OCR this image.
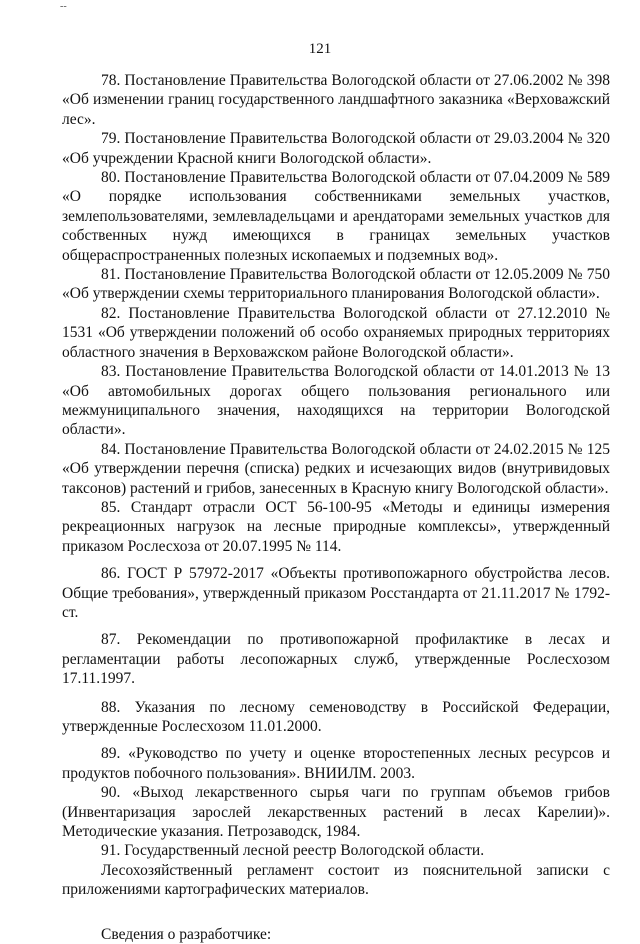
--
121

78. Постановление Правительства Вологодской области от 27.06.2002 № 398 «Об изменении границ государственного ландшафтного заказника «Верховажский лес».

79. Постановление Правительства Вологодской области от 29.03.2004 № 320 «Об учреждении Красной книги Вологодской области».

80. Постановление Правительства Вологодской области от 07.04.2009 № 589 «О порядке использования собственниками земельных участков, землепользователями, землевладельцами и арендаторами земельных участков для собственных нужд имеющихся в границах земельных участков общераспространенных полезных ископаемых и подземных вод».

81. Постановление Правительства Вологодской области от 12.05.2009 № 750 «Об утверждении схемы территориального планирования Вологодской области».

82. Постановление Правительства Вологодской области от 27.12.2010 № 1531 «Об утверждении положений об особо охраняемых природных территориях областного значения в Верховажском районе Вологодской области».

83. Постановление Правительства Вологодской области от 14.01.2013 № 13 «Об автомобильных дорогах общего пользования регионального или межмуниципального значения, находящихся на территории Вологодской области».

84. Постановление Правительства Вологодской области от 24.02.2015 № 125 «Об утверждении перечня (списка) редких и исчезающих видов (внутривидовых таксонов) растений и грибов, занесенных в Красную книгу Вологодской области».

85. Стандарт отрасли ОСТ 56-100-95 «Методы и единицы измерения рекреационных нагрузок на лесные природные комплексы», утвержденный приказом Рослесхоза от 20.07.1995 № 114.

86. ГОСТ Р 57972-2017 «Объекты противопожарного обустройства лесов. Общие требования», утвержденный приказом Росстандарта от 21.11.2017 № 1792-ст.

87. Рекомендации по противопожарной профилактике в лесах и регламентации работы лесопожарных служб, утвержденные Рослесхозом 17.11.1997.

88. Указания по лесному семеноводству в Российской Федерации, утвержденные Рослесхозом 11.01.2000.

89. «Руководство по учету и оценке второстепенных лесных ресурсов и продуктов побочного пользования». ВНИИЛМ. 2003.

90. «Выход лекарственного сырья чаги по группам объемов грибов (Инвентаризация зарослей лекарственных растений в лесах Карелии)». Методические указания. Петрозаводск, 1984.

91. Государственный лесной реестр Вологодской области.

Лесохозяйственный регламент состоит из пояснительной записки с приложениями картографических материалов.

Сведения о разработчике:
